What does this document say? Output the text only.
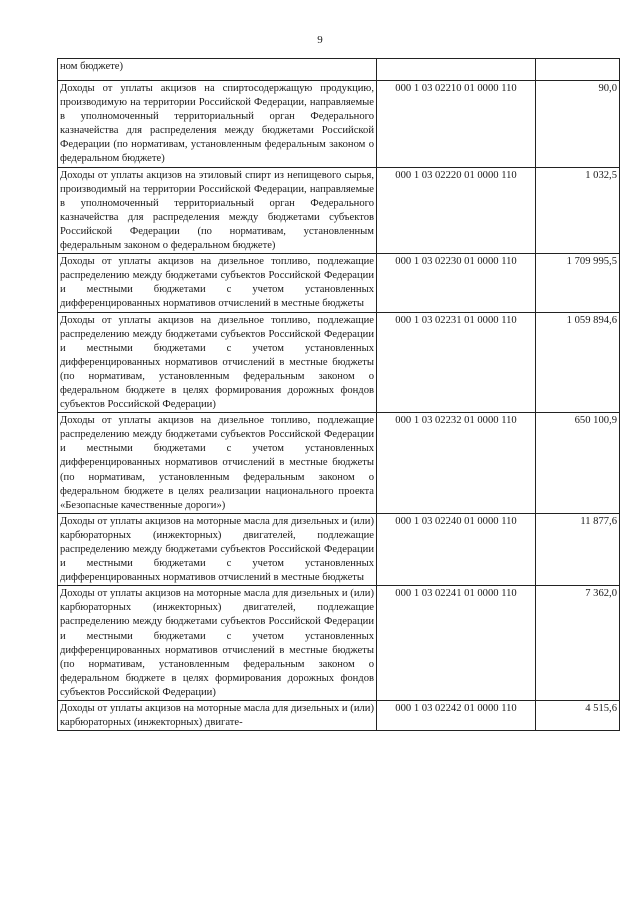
9
ном бюджете)		
Доходы от уплаты акцизов на спиртосодержащую продукцию, производимую на территории Российской Федерации, направляемые в уполномоченный территориальный орган Федерального казначейства для распределения между бюджетами Российской Федерации (по нормативам, установленным федеральным законом о федеральном бюджете)	000 1 03 02210 01 0000 110	90,0
Доходы от уплаты акцизов на этиловый спирт из непищевого сырья, производимый на территории Российской Федерации, направляемые в уполномоченный территориальный орган Федерального казначейства для распределения между бюджетами субъектов Российской Федерации (по нормативам, установленным федеральным законом о федеральном бюджете)	000 1 03 02220 01 0000 110	1 032,5
Доходы от уплаты акцизов на дизельное топливо, подлежащие распределению между бюджетами субъектов Российской Федерации и местными бюджетами с учетом установленных дифференцированных нормативов отчислений в местные бюджеты	000 1 03 02230 01 0000 110	1 709 995,5
Доходы от уплаты акцизов на дизельное топливо, подлежащие распределению между бюджетами субъектов Российской Федерации и местными бюджетами с учетом установленных дифференцированных нормативов отчислений в местные бюджеты (по нормативам, установленным федеральным законом о федеральном бюджете в целях формирования дорожных фондов субъектов Российской Федерации)	000 1 03 02231 01 0000 110	1 059 894,6
Доходы от уплаты акцизов на дизельное топливо, подлежащие распределению между бюджетами субъектов Российской Федерации и местными бюджетами с учетом установленных дифференцированных нормативов отчислений в местные бюджеты (по нормативам, установленным федеральным законом о федеральном бюджете в целях реализации национального проекта «Безопасные качественные дороги»)	000 1 03 02232 01 0000 110	650 100,9
Доходы от уплаты акцизов на моторные масла для дизельных и (или) карбюраторных (инжекторных) двигателей, подлежащие распределению между бюджетами субъектов Российской Федерации и местными бюджетами с учетом установленных дифференцированных нормативов отчислений в местные бюджеты	000 1 03 02240 01 0000 110	11 877,6
Доходы от уплаты акцизов на моторные масла для дизельных и (или) карбюраторных (инжекторных) двигателей, подлежащие распределению между бюджетами субъектов Российской Федерации и местными бюджетами с учетом установленных дифференцированных нормативов отчислений в местные бюджеты (по нормативам, установленным федеральным законом о федеральном бюджете в целях формирования дорожных фондов субъектов Российской Федерации)	000 1 03 02241 01 0000 110	7 362,0
Доходы от уплаты акцизов на моторные масла для дизельных и (или) карбюраторных (инжекторных) двигате-	000 1 03 02242 01 0000 110	4 515,6
